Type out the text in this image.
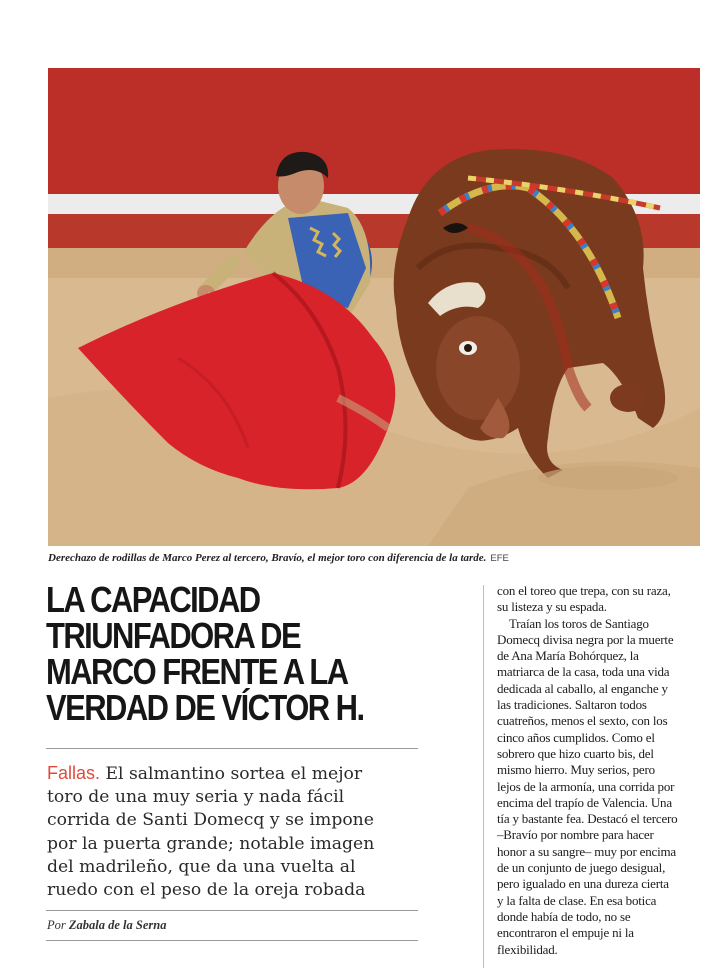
Derechazo de rodillas de Marco Perez al tercero, Bravío, el mejor toro con diferencia de la tarde. EFE
LA CAPACIDAD
TRIUNFADORA DE
MARCO FRENTE A LA
VERDAD DE VÍCTOR H.
Fallas. El salmantino sortea el mejor
toro de una muy seria y nada fácil
corrida de Santi Domecq y se impone
por la puerta grande; notable imagen
del madrileño, que da una vuelta al
ruedo con el peso de la oreja robada
Por Zabala de la Serna
con el toreo que trepa, con su raza,
su listeza y su espada.
Traían los toros de Santiago
Domecq divisa negra por la muerte
de Ana María Bohórquez, la
matriarca de la casa, toda una vida
dedicada al caballo, al enganche y
las tradiciones. Saltaron todos
cuatreños, menos el sexto, con los
cinco años cumplidos. Como el
sobrero que hizo cuarto bis, del
mismo hierro. Muy serios, pero
lejos de la armonía, una corrida por
encima del trapío de Valencia. Una
tía y bastante fea. Destacó el tercero
–Bravío por nombre para hacer
honor a su sangre– muy por encima
de un conjunto de juego desigual,
pero igualado en una dureza cierta
y la falta de clase. En esa botica
donde había de todo, no se
encontraron el empuje ni la
flexibilidad.
